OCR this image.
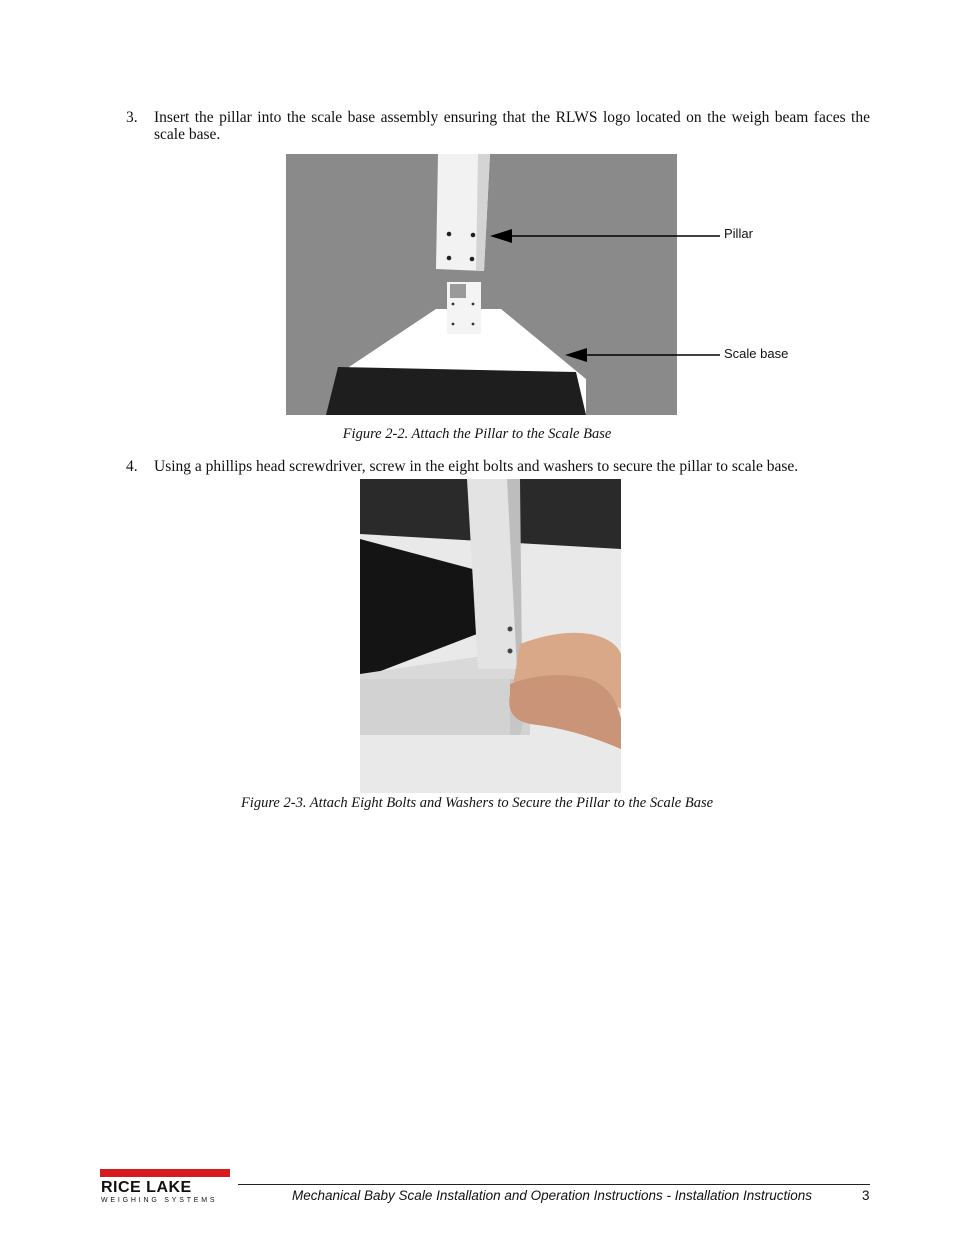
3. Insert the pillar into the scale base assembly ensuring that the RLWS logo located on the weigh beam faces the scale base.
Pillar
Scale base
Figure 2-2. Attach the Pillar to the Scale Base
4. Using a phillips head screwdriver, screw in the eight bolts and washers to secure the pillar to scale base.
Figure 2-3. Attach Eight Bolts and Washers to Secure the Pillar to the Scale Base
RICE LAKE
WEIGHING SYSTEMS	Mechanical Baby Scale Installation and Operation Instructions - Installation Instructions	3
